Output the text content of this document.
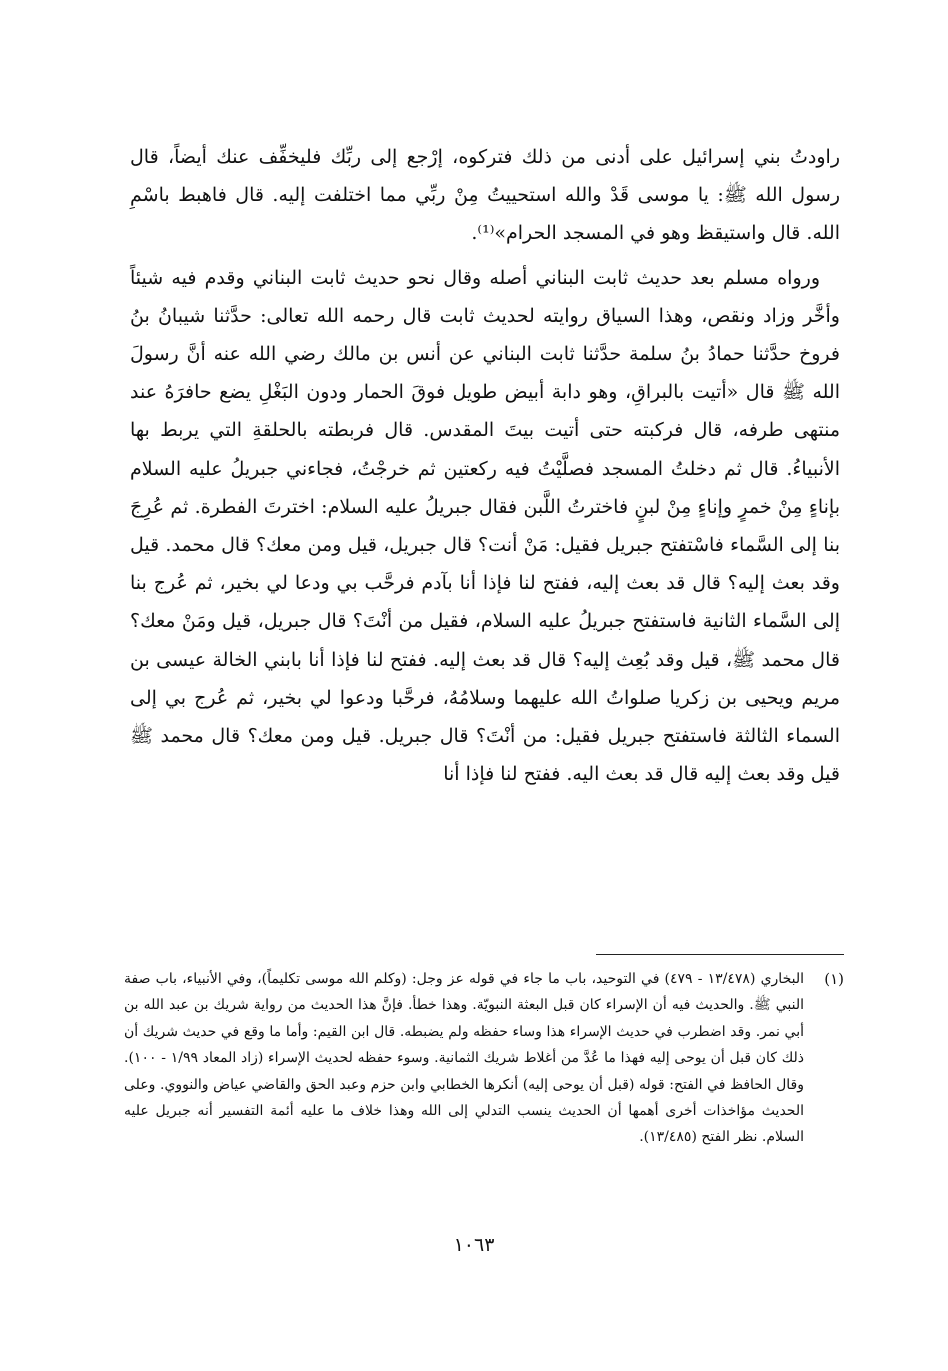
راودتُ بني إسرائيل على أدنى من ذلك فتركوه، إرْجع إلى ربِّك فليخفِّف عنك أيضاً، قال رسول الله ﷺ: يا موسى قَدْ والله استحييتُ مِنْ ربِّي مما اختلفت إليه. قال فاهبط باسْمِ الله. قال واستيقظ وهو في المسجد الحرام»⁽¹⁾.

ورواه مسلم بعد حديث ثابت البناني أصله وقال نحو حديث ثابت البناني وقدم فيه شيئاً وأخَّر وزاد ونقص، وهذا السياق روايته لحديث ثابت قال رحمه الله تعالى: حدَّثنا شيبانُ بنُ فروخ حدَّثنا حمادُ بنُ سلمة حدَّثنا ثابت البناني عن أنس بن مالك رضي الله عنه أنَّ رسولَ الله ﷺ قال «أتيت بالبراقِ، وهو دابة أبيض طويل فوقَ الحمار ودون البَغْلِ يضع حافرَهُ عند منتهى طرفه، قال فركبته حتى أتيت بيتَ المقدس. قال فربطته بالحلقةِ التي يربط بها الأنبياءُ. قال ثم دخلتُ المسجد فصلَّيْتُ فيه ركعتين ثم خرجْتُ، فجاءني جبريلُ عليه السلام بإناءٍ مِنْ خمرٍ وإناءٍ مِنْ لبنٍ فاخترتُ اللَّبن فقال جبريلُ عليه السلام: اخترتَ الفطرة. ثم عُرِجَ بنا إلى السَّماء فاسْتفتح جبريل فقيل: مَنْ أنت؟ قال جبريل، قيل ومن معك؟ قال محمد. قيل وقد بعث إليه؟ قال قد بعث إليه، ففتح لنا فإذا أنا بآدم فرحَّب بي ودعا لي بخير، ثم عُرج بنا إلى السَّماء الثانية فاستفتح جبريلُ عليه السلام، فقيل من أنْتَ؟ قال جبريل، قيل ومَنْ معك؟ قال محمد ﷺ، قيل وقد بُعِث إليه؟ قال قد بعث إليه. ففتح لنا فإذا أنا بابني الخالة عيسى بن مريم ويحيى بن زكريا صلواتُ الله عليهما وسلامُهُ، فرحَّبا ودعوا لي بخير، ثم عُرج بي إلى السماء الثالثة فاستفتح جبريل فقيل: من أنْتَ؟ قال جبريل. قيل ومن معك؟ قال محمد ﷺ قيل وقد بعث إليه قال قد بعث اليه. ففتح لنا فإذا أنا

(١)
البخاري (١٣/٤٧٨ - ٤٧٩) في التوحيد، باب ما جاء في قوله عز وجل: (وكلم الله موسى تكليماً)، وفي الأنبياء، باب صفة النبي ﷺ. والحديث فيه أن الإسراء كان قبل البعثة النبويّة. وهذا خطأ. فإنَّ هذا الحديث من رواية شريك بن عبد الله بن أبي نمر. وقد اضطرب في حديث الإسراء هذا وساء حفظه ولم يضبطه. قال ابن القيم: وأما ما وقع في حديث شريك أن ذلك كان قبل أن يوحى إليه فهذا ما عُدَّ من أغلاط شريك الثمانية. وسوء حفظه لحديث الإسراء (زاد المعاد ١/٩٩ - ١٠٠). وقال الحافظ في الفتح: قوله (قبل أن يوحى إليه) أنكرها الخطابي وابن حزم وعبد الحق والقاضي عياض والنووي. وعلى الحديث مؤاخذات أخرى أهمها أن الحديث ينسب التدلي إلى الله وهذا خلاف ما عليه أئمة التفسير أنه جبريل عليه السلام. نظر الفتح (١٣/٤٨٥).
١٠٦٣
